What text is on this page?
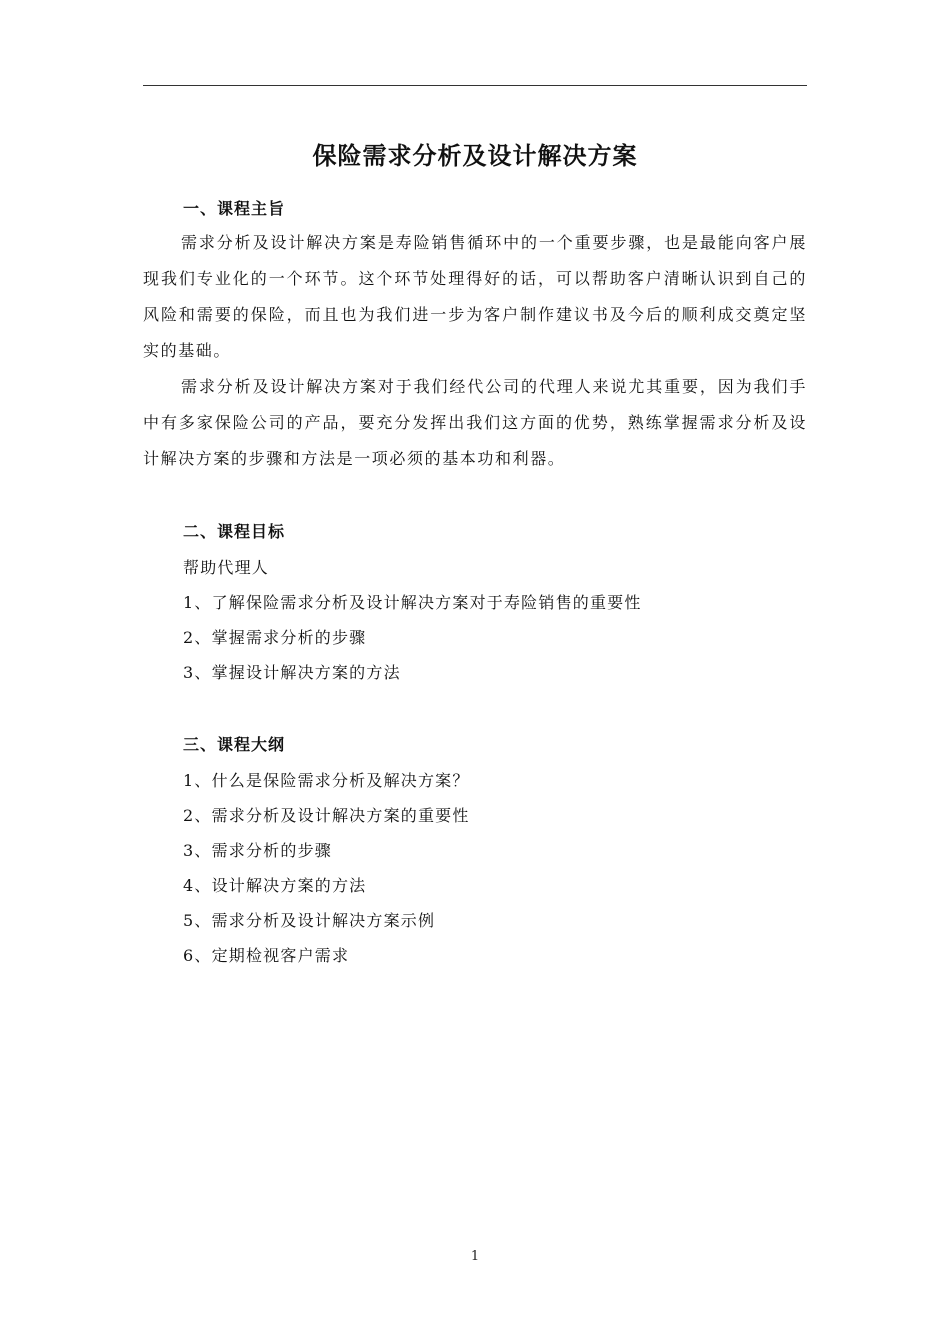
保险需求分析及设计解决方案
一、课程主旨

需求分析及设计解决方案是寿险销售循环中的一个重要步骤，也是最能向客户展现我们专业化的一个环节。这个环节处理得好的话，可以帮助客户清晰认识到自己的风险和需要的保险，而且也为我们进一步为客户制作建议书及今后的顺利成交奠定坚实的基础。

需求分析及设计解决方案对于我们经代公司的代理人来说尤其重要，因为我们手中有多家保险公司的产品，要充分发挥出我们这方面的优势，熟练掌握需求分析及设计解决方案的步骤和方法是一项必须的基本功和利器。

二、课程目标
帮助代理人
1、了解保险需求分析及设计解决方案对于寿险销售的重要性
2、掌握需求分析的步骤
3、掌握设计解决方案的方法
三、课程大纲
1、什么是保险需求分析及解决方案？
2、需求分析及设计解决方案的重要性
3、需求分析的步骤
4、设计解决方案的方法
5、需求分析及设计解决方案示例
6、定期检视客户需求
1
